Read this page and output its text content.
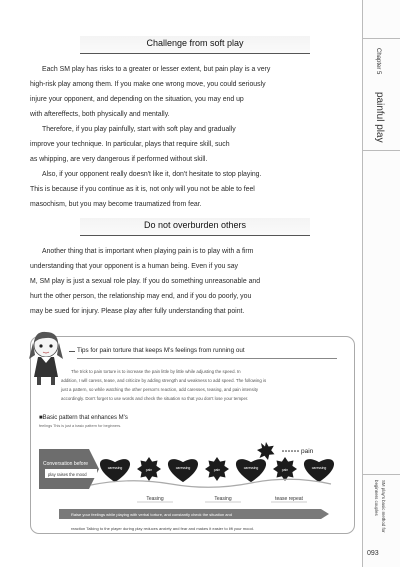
Challenge from soft play
Each SM play has risks to a greater or lesser extent, but pain play is a very
high-risk play among them. If you make one wrong move, you could seriously
injure your opponent, and depending on the situation, you may end up
with aftereffects, both physically and mentally.
Therefore, if you play painfully, start with soft play and gradually
improve your technique. In particular, plays that require skill, such
as whipping, are very dangerous if performed without skill.
Also, if your opponent really doesn't like it, don't hesitate to stop playing.
This is because if you continue as it is, not only will you not be able to feel
masochism, but you may become traumatized from fear.
Do not overburden others
Another thing that is important when playing pain is to play with a firm
understanding that your opponent is a human being. Even if you say
M, SM play is just a sexual role play. If you do something unreasonable and
hurt the other person, the relationship may end, and if you do poorly, you
may be sued for injury. Please play after fully understanding that point.
Chapter 5
painful play
SM play's basic method for beginners couples
093
Tips for pain torture that keeps M's feelings from running out
The trick to pain torture is to increase the pain little by little while adjusting the speed. In
addition, I will caress, tease, and criticize by adding strength and weakness to add speed. The following is
just a pattern, so while watching the other person's reaction, add caresses, teasing, and pain intensity
accordingly. Don't forget to use words and check the situation so that you don't lose your temper.
■Basic pattern that enhances M's
feelings This is just a basic pattern for beginners.
pain
Conversation before
play raises the mood
caressing	pain	caressing	pain	caressing	pain	caressing
Teasing	Teasing	tease repeat
Raise your feelings while playing with verbal torture, and constantly check the situation and
reaction Talking to the player during play reduces anxiety and fear and makes it easier to lift your mood.
